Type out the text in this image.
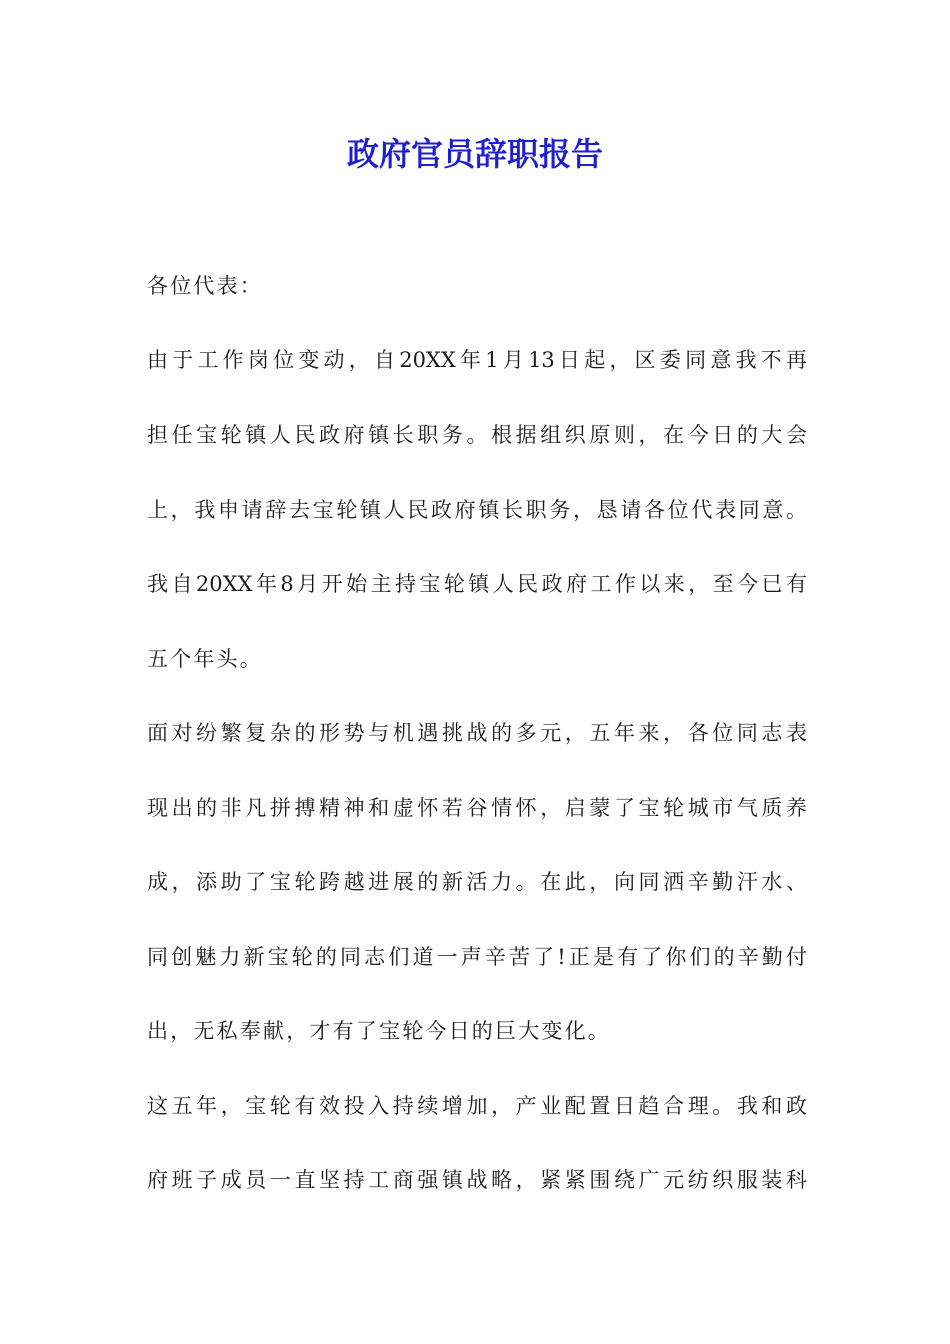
政府官员辞职报告

各位代表：

由于工作岗位变动，自20XX年1月13日起，区委同意我不再

担任宝轮镇人民政府镇长职务。根据组织原则，在今日的大会

上，我申请辞去宝轮镇人民政府镇长职务，恳请各位代表同意。

我自20XX年8月开始主持宝轮镇人民政府工作以来，至今已有

五个年头。

面对纷繁复杂的形势与机遇挑战的多元，五年来，各位同志表

现出的非凡拼搏精神和虚怀若谷情怀，启蒙了宝轮城市气质养

成，添助了宝轮跨越进展的新活力。在此，向同洒辛勤汗水、

同创魅力新宝轮的同志们道一声辛苦了!正是有了你们的辛勤付

出，无私奉献，才有了宝轮今日的巨大变化。

这五年，宝轮有效投入持续增加，产业配置日趋合理。我和政

府班子成员一直坚持工商强镇战略，紧紧围绕广元纺织服装科
